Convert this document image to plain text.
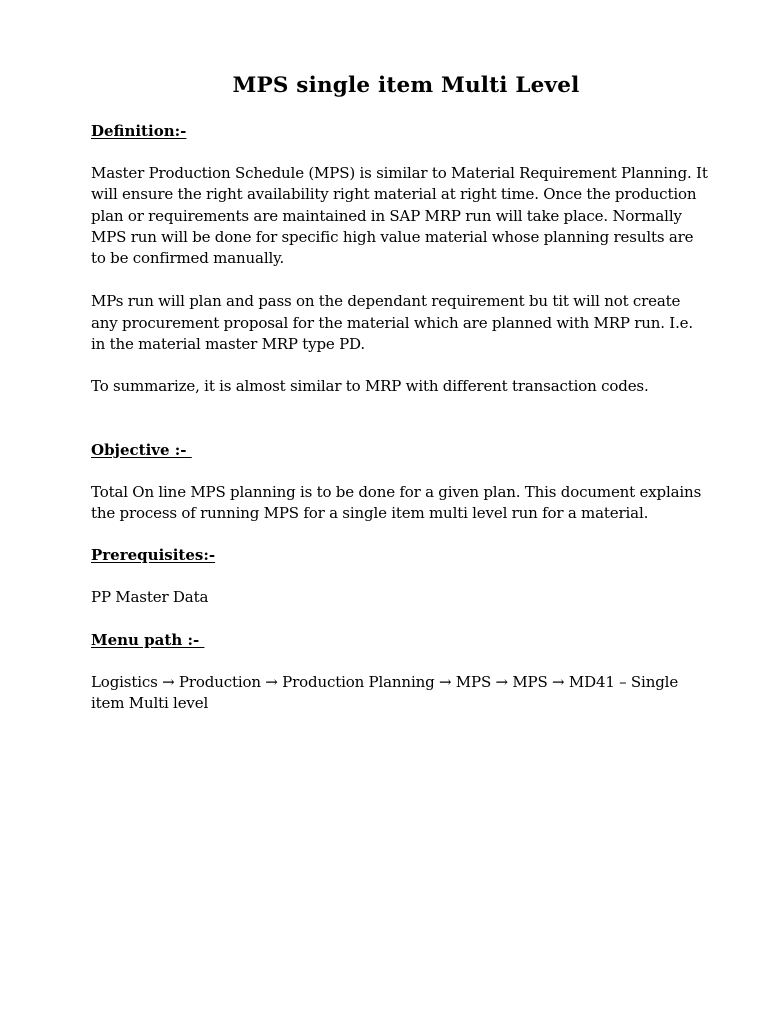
MPS single item Multi Level
Definition:-

Master Production Schedule (MPS) is similar to Material Requirement Planning. It will ensure the right availability right material at right time. Once the production plan or requirements are maintained in SAP MRP run will take place. Normally MPS run will be done for specific high value material whose planning results are to be confirmed manually.

MPs run will plan and pass on the dependant requirement bu tit will not create any procurement proposal for the material which are planned with MRP run. I.e. in the material master MRP type PD.

To summarize, it is almost similar to MRP with different transaction codes.

Objective :-

Total On line MPS planning is to be done for a given plan. This document explains the process of running MPS for a single item multi level run for a material.

Prerequisites:-

PP Master Data

Menu path :-

Logistics → Production → Production Planning → MPS → MPS → MD41 – Single item Multi level
